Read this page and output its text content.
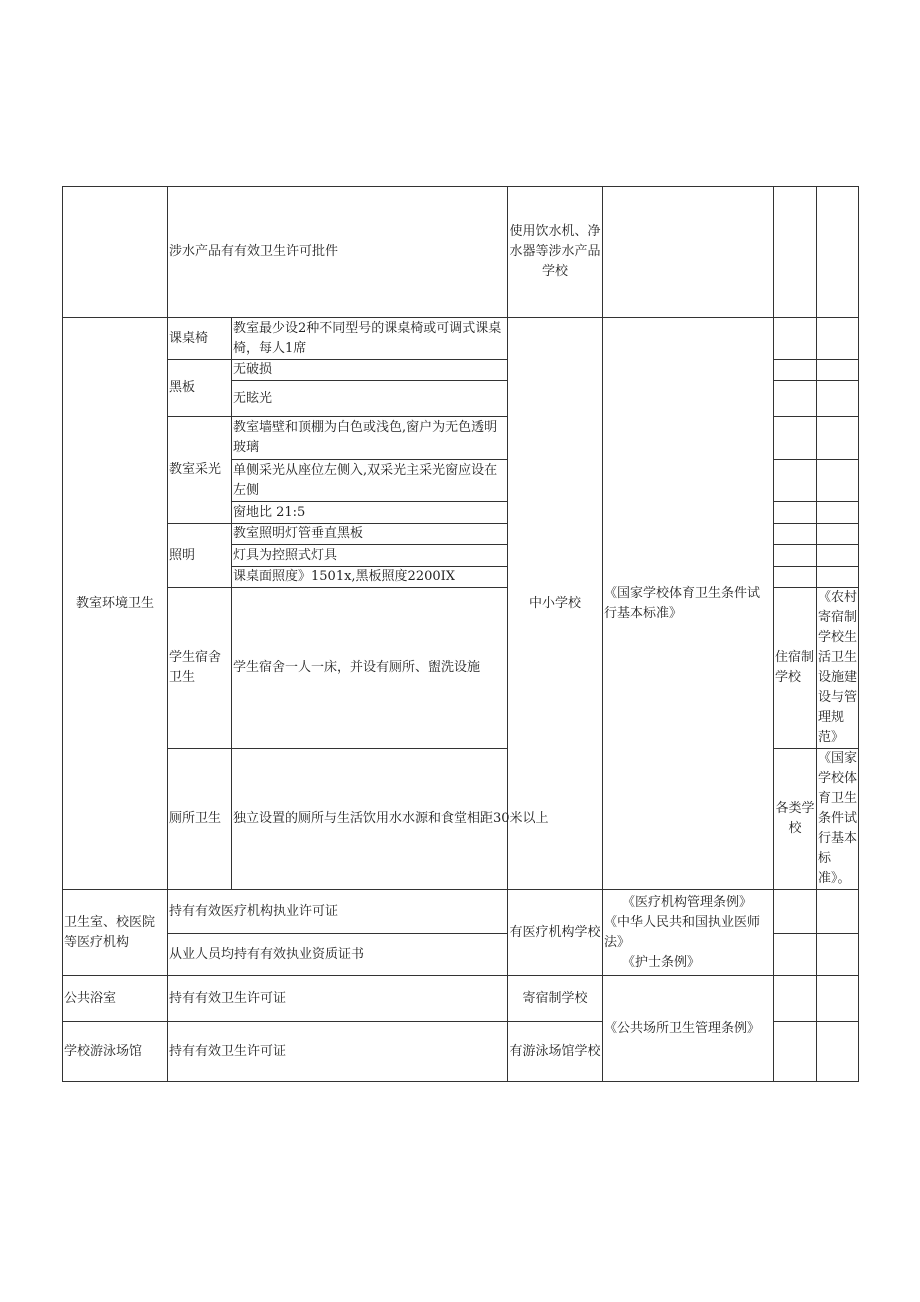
	涉水产品有有效卫生许可批件		使用饮水机、净水器等涉水产品学校				
教室环境卫生	课桌椅	教室最少设2种不同型号的课桌椅或可调式课桌椅，每人1席	中小学校	《国家学校体育卫生条件试行基本标准》			
	黑板	无破损					
		无眩光					
	教室采光	教室墙壁和顶棚为白色或浅色,窗户为无色透明玻璃					
		单侧采光从座位左侧入,双采光主采光窗应设在左侧					
		窗地比 21:5					
	照明	教室照明灯管垂直黑板					
		灯具为控照式灯具					
		课桌面照度》1501x,黑板照度2200IX					
	学生宿舍卫生	学生宿舍一人一床，并设有厕所、盥洗设施			住宿制学校	《农村寄宿制学校生活卫生设施建设与管理规范》		
	厕所卫生	独立设置的厕所与生活饮用水水源和食堂相距30米以上			各类学校	《国家学校体育卫生条件试行基本标准》。		
卫生室、校医院等医疗机构	持有有效医疗机构执业许可证		有医疗机构学校	《医疗机构管理条例》
《中华人民共和国执业医师法》
《护士条例》			

	从业人员均持有有效执业资质证书						
公共浴室	持有有效卫生许可证		寄宿制学校	《公共场所卫生管理条例》			
学校游泳场馆	持有有效卫生许可证		有游泳场馆学校				
